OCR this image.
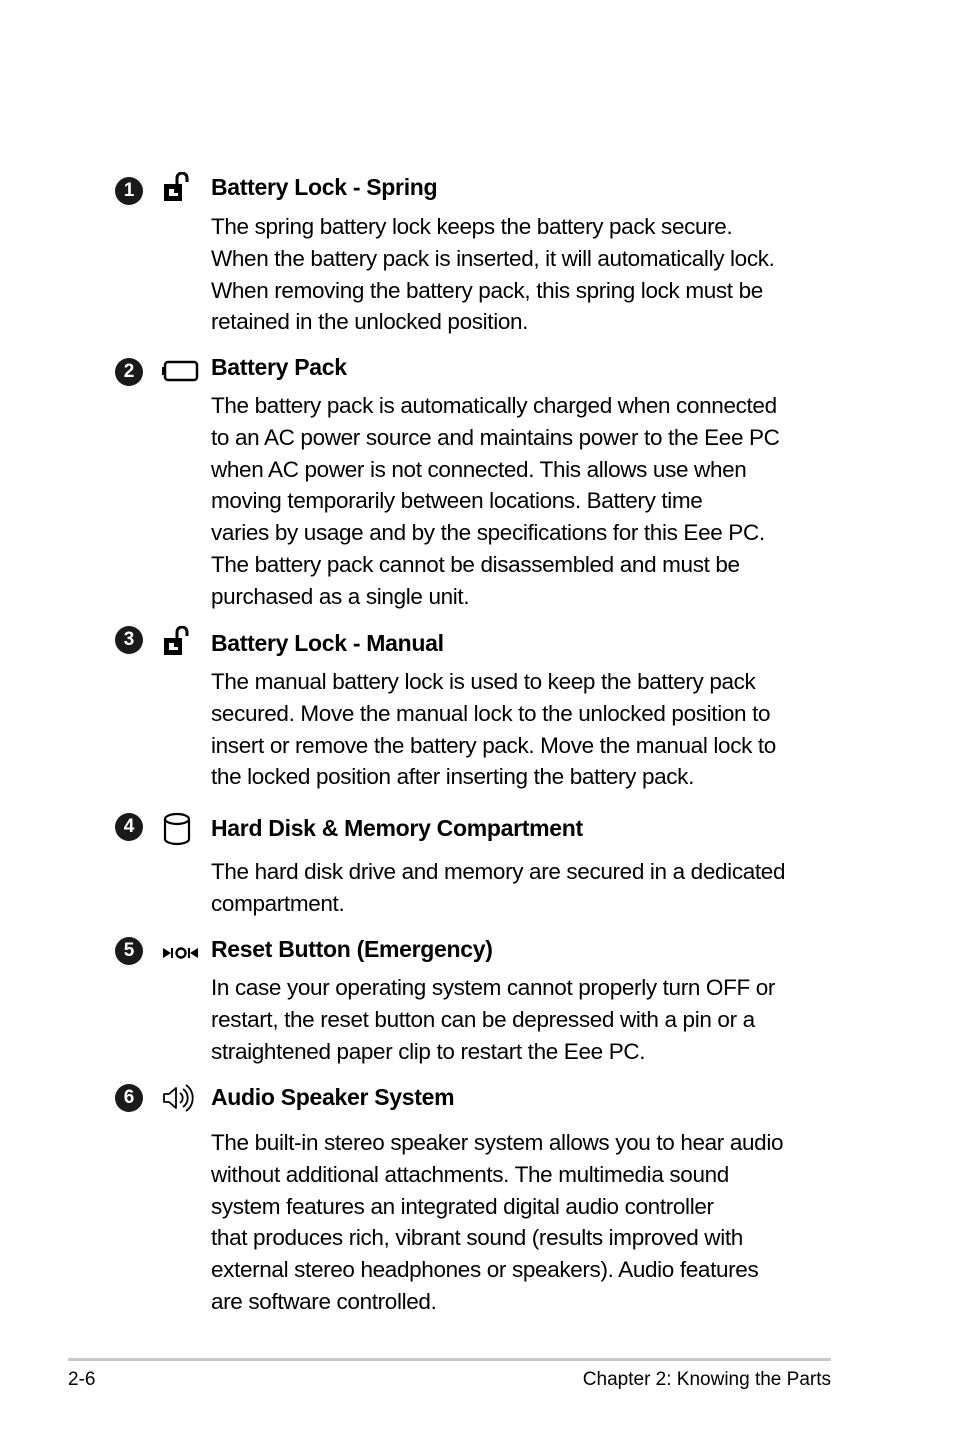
1	Battery Lock - Spring
The spring battery lock keeps the battery pack secure.
When the battery pack is inserted, it will automatically lock.
When removing the battery pack, this spring lock must be
retained in the unlocked position.
2	Battery Pack
The battery pack is automatically charged when connected
to an AC power source and maintains power to the Eee PC
when AC power is not connected. This allows use when
moving temporarily between locations. Battery time
varies by usage and by the specifications for this Eee PC.
The battery pack cannot be disassembled and must be
purchased as a single unit.
3	Battery Lock - Manual
The manual battery lock is used to keep the battery pack
secured. Move the manual lock to the unlocked position to
insert or remove the battery pack. Move the manual lock to
the locked position after inserting the battery pack.
4	Hard Disk & Memory Compartment
The hard disk drive and memory are secured in a dedicated
compartment.
5	Reset Button (Emergency)
In case your operating system cannot properly turn OFF or
restart, the reset button can be depressed with a pin or a
straightened paper clip to restart the Eee PC.
6	Audio Speaker System
The built-in stereo speaker system allows you to hear audio
without additional attachments. The multimedia sound
system features an integrated digital audio controller
that produces rich, vibrant sound (results improved with
external stereo headphones or speakers). Audio features
are software controlled.
2-6	Chapter 2: Knowing the Parts
